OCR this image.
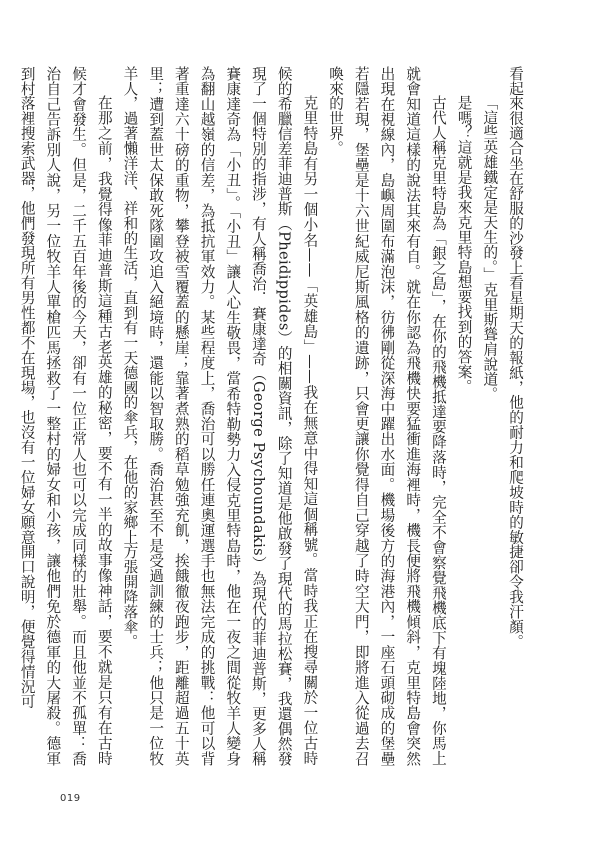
看起來很適合坐在舒服的沙發上看星期天的報紙，他的耐力和爬坡時的敏捷卻令我汗顏。

「這些英雄鐵定是天生的。」克里斯聳肩說道。

是嗎？這就是我來克里特島想要找到的答案。

古代人稱克里特島為「銀之島」，在你的飛機抵達要降落時，完全不會察覺飛機底下有塊陸地，你馬上就會知道這樣的說法其來有自。就在你認為飛機快要猛衝進海裡時，機長便將飛機傾斜，克里特島會突然出現在視線內，島嶼周圍布滿泡沫，彷彿剛從深海中躍出水面。機場後方的海港內，一座石頭砌成的堡壘若隱若現，堡壘是十六世紀威尼斯風格的遺跡，只會更讓你覺得自己穿越了時空大門，即將進入從過去召喚來的世界。

克里特島有另一個小名——「英雄島」——我在無意中得知這個稱號。當時我正在搜尋關於一位古時候的希臘信差菲迪普斯（Pheidippides）的相關資訊，除了知道是他啟發了現代的馬拉松賽，我還偶然發現了一個特別的指涉，有人稱喬治．賽康達奇（George Psychoundakis）為現代的菲迪普斯，更多人稱賽康達奇為「小丑」。「小丑」讓人心生敬畏，當希特勒勢力入侵克里特島時，他在一夜之間從牧羊人變身為翻山越嶺的信差，為抵抗軍效力。某些程度上，喬治可以勝任連奧運選手也無法完成的挑戰：他可以背著重達六十磅的重物，攀登被雪覆蓋的懸崖；靠著煮熟的稻草勉強充飢，挨餓徹夜跑步，距離超過五十英里；遭到蓋世太保敢死隊圍攻追入絕境時，還能以智取勝。喬治甚至不是受過訓練的士兵；他只是一位牧羊人，過著懶洋洋、祥和的生活，直到有一天德國的傘兵，在他的家鄉上方張開降落傘。

在那之前，我覺得像菲迪普斯這種古老英雄的秘密，要不有一半的故事像神話，要不就是只有在古時候才會發生。但是，二千五百年後的今天，卻有一位正常人也可以完成同樣的壯舉。而且他並不孤單：喬治自己告訴別人說，另一位牧羊人單槍匹馬拯救了一整村的婦女和小孩，讓他們免於德軍的大屠殺。德軍到村落裡搜索武器，他們發現所有男性都不在現場，也沒有一位婦女願意開口說明，便覺得情況可

019
